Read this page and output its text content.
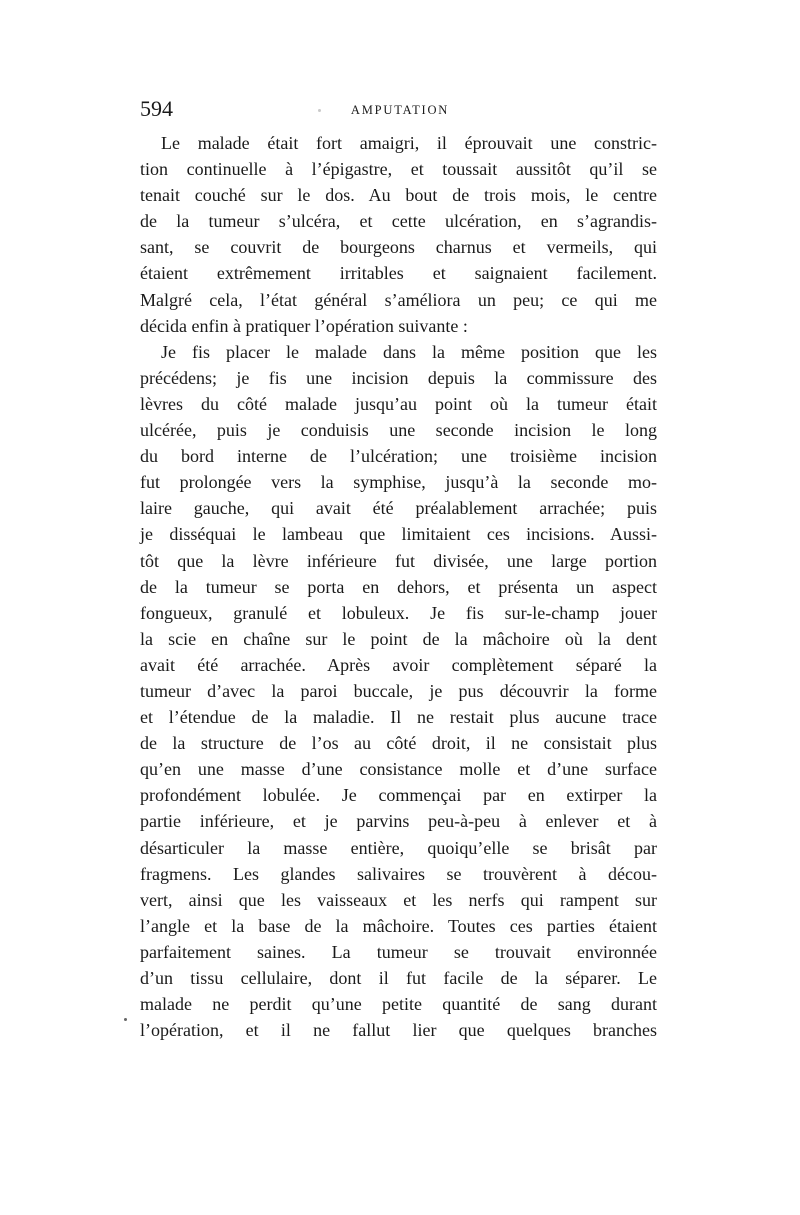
594	AMPUTATION
Le malade était fort amaigri, il éprouvait une constric-
tion continuelle à l’épigastre, et toussait aussitôt qu’il se
tenait couché sur le dos. Au bout de trois mois, le centre
de la tumeur s’ulcéra, et cette ulcération, en s’agrandis-
sant, se couvrit de bourgeons charnus et vermeils, qui
étaient extrêmement irritables et saignaient facilement.
Malgré cela, l’état général s’améliora un peu; ce qui me
décida enfin à pratiquer l’opération suivante :
Je fis placer le malade dans la même position que les
précédens; je fis une incision depuis la commissure des
lèvres du côté malade jusqu’au point où la tumeur était
ulcérée, puis je conduisis une seconde incision le long
du bord interne de l’ulcération; une troisième incision
fut prolongée vers la symphise, jusqu’à la seconde mo-
laire gauche, qui avait été préalablement arrachée; puis
je disséquai le lambeau que limitaient ces incisions. Aussi-
tôt que la lèvre inférieure fut divisée, une large portion
de la tumeur se porta en dehors, et présenta un aspect
fongueux, granulé et lobuleux. Je fis sur-le-champ jouer
la scie en chaîne sur le point de la mâchoire où la dent
avait été arrachée. Après avoir complètement séparé la
tumeur d’avec la paroi buccale, je pus découvrir la forme
et l’étendue de la maladie. Il ne restait plus aucune trace
de la structure de l’os au côté droit, il ne consistait plus
qu’en une masse d’une consistance molle et d’une surface
profondément lobulée. Je commençai par en extirper la
partie inférieure, et je parvins peu-à-peu à enlever et à
désarticuler la masse entière, quoiqu’elle se brisât par
fragmens. Les glandes salivaires se trouvèrent à décou-
vert, ainsi que les vaisseaux et les nerfs qui rampent sur
l’angle et la base de la mâchoire. Toutes ces parties étaient
parfaitement saines. La tumeur se trouvait environnée
d’un tissu cellulaire, dont il fut facile de la séparer. Le
malade ne perdit qu’une petite quantité de sang durant
l’opération, et il ne fallut lier que quelques branches
